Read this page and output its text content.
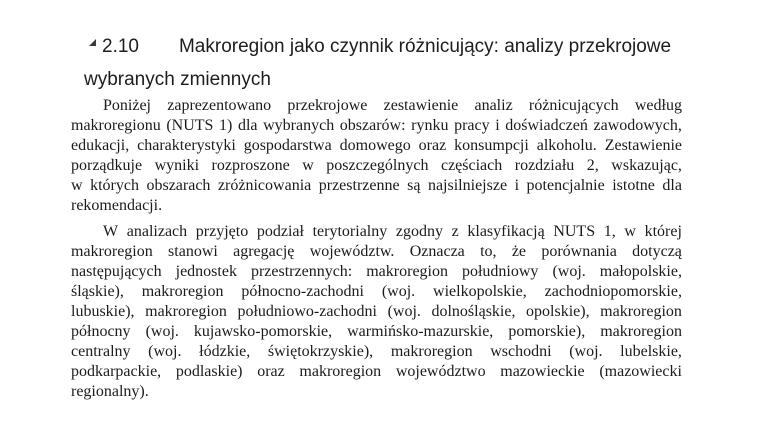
2.10 Makroregion jako czynnik różnicujący: analizy przekrojowe
wybranych zmiennych
Poniżej zaprezentowano przekrojowe zestawienie analiz różnicujących według
makroregionu (NUTS 1) dla wybranych obszarów: rynku pracy i doświadczeń zawodowych,
edukacji, charakterystyki gospodarstwa domowego oraz konsumpcji alkoholu. Zestawienie
porządkuje wyniki rozproszone w poszczególnych częściach rozdziału 2, wskazując,
w których obszarach zróżnicowania przestrzenne są najsilniejsze i potencjalnie istotne dla
rekomendacji.
W analizach przyjęto podział terytorialny zgodny z klasyfikacją NUTS 1, w której
makroregion stanowi agregację województw. Oznacza to, że porównania dotyczą
następujących jednostek przestrzennych: makroregion południowy (woj. małopolskie,
śląskie), makroregion północno-zachodni (woj. wielkopolskie, zachodniopomorskie,
lubuskie), makroregion południowo-zachodni (woj. dolnośląskie, opolskie), makroregion
północny (woj. kujawsko-pomorskie, warmińsko-mazurskie, pomorskie), makroregion
centralny (woj. łódzkie, świętokrzyskie), makroregion wschodni (woj. lubelskie,
podkarpackie, podlaskie) oraz makroregion województwo mazowieckie (mazowiecki
regionalny).
